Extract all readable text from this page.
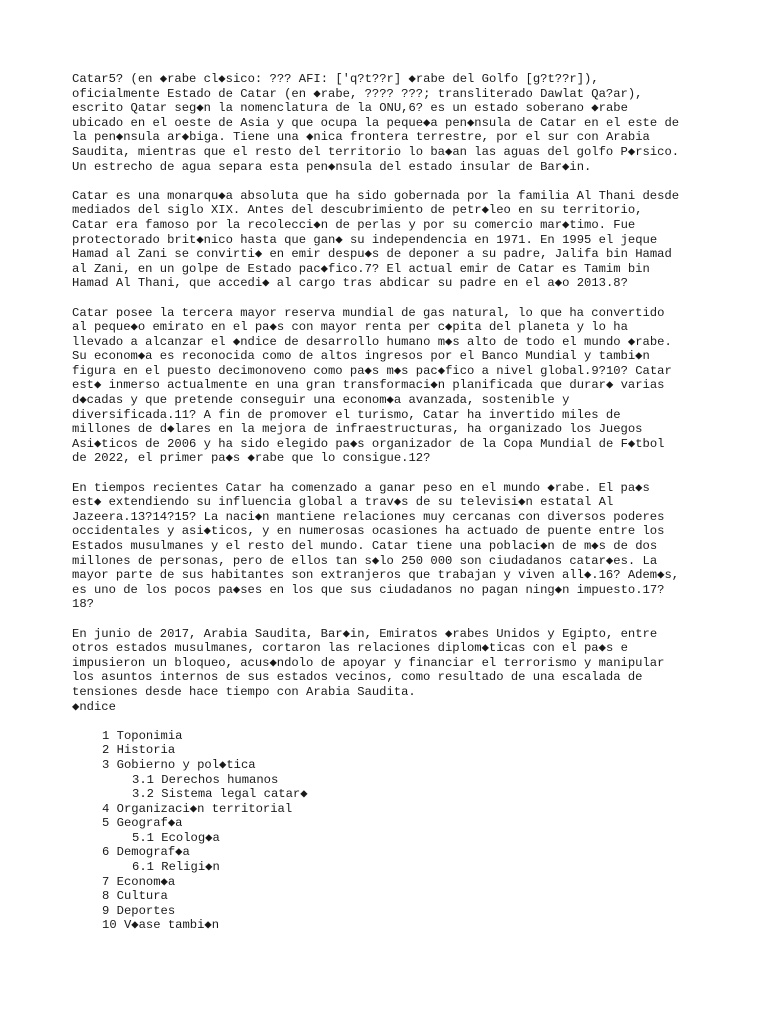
Catar5? (en ◆rabe cl◆sico: ??? AFI: ['q?t??r] ◆rabe del Golfo [g?t??r]),
oficialmente Estado de Catar (en ◆rabe, ???? ???; transliterado Dawlat Qa?ar),
escrito Qatar seg◆n la nomenclatura de la ONU,6? es un estado soberano ◆rabe
ubicado en el oeste de Asia y que ocupa la peque◆a pen◆nsula de Catar en el este de
la pen◆nsula ar◆biga. Tiene una ◆nica frontera terrestre, por el sur con Arabia
Saudita, mientras que el resto del territorio lo ba◆an las aguas del golfo P◆rsico.
Un estrecho de agua separa esta pen◆nsula del estado insular de Bar◆in.

Catar es una monarqu◆a absoluta que ha sido gobernada por la familia Al Thani desde
mediados del siglo XIX. Antes del descubrimiento de petr◆leo en su territorio,
Catar era famoso por la recolecci◆n de perlas y por su comercio mar◆timo. Fue
protectorado brit◆nico hasta que gan◆ su independencia en 1971. En 1995 el jeque
Hamad al Zani se convirti◆ en emir despu◆s de deponer a su padre, Jalifa bin Hamad
al Zani, en un golpe de Estado pac◆fico.7? El actual emir de Catar es Tamim bin
Hamad Al Thani, que accedi◆ al cargo tras abdicar su padre en el a◆o 2013.8?

Catar posee la tercera mayor reserva mundial de gas natural, lo que ha convertido
al peque◆o emirato en el pa◆s con mayor renta per c◆pita del planeta y lo ha
llevado a alcanzar el ◆ndice de desarrollo humano m◆s alto de todo el mundo ◆rabe.
Su econom◆a es reconocida como de altos ingresos por el Banco Mundial y tambi◆n
figura en el puesto decimonoveno como pa◆s m◆s pac◆fico a nivel global.9?10? Catar
est◆ inmerso actualmente en una gran transformaci◆n planificada que durar◆ varias
d◆cadas y que pretende conseguir una econom◆a avanzada, sostenible y
diversificada.11? A fin de promover el turismo, Catar ha invertido miles de
millones de d◆lares en la mejora de infraestructuras, ha organizado los Juegos
Asi◆ticos de 2006 y ha sido elegido pa◆s organizador de la Copa Mundial de F◆tbol
de 2022, el primer pa◆s ◆rabe que lo consigue.12?

En tiempos recientes Catar ha comenzado a ganar peso en el mundo ◆rabe. El pa◆s
est◆ extendiendo su influencia global a trav◆s de su televisi◆n estatal Al
Jazeera.13?14?15? La naci◆n mantiene relaciones muy cercanas con diversos poderes
occidentales y asi◆ticos, y en numerosas ocasiones ha actuado de puente entre los
Estados musulmanes y el resto del mundo. Catar tiene una poblaci◆n de m◆s de dos
millones de personas, pero de ellos tan s◆lo 250 000 son ciudadanos catar◆es. La
mayor parte de sus habitantes son extranjeros que trabajan y viven all◆.16? Adem◆s,
es uno de los pocos pa◆ses en los que sus ciudadanos no pagan ning◆n impuesto.17?
18?

En junio de 2017, Arabia Saudita, Bar◆in, Emiratos ◆rabes Unidos y Egipto, entre
otros estados musulmanes, cortaron las relaciones diplom◆ticas con el pa◆s e
impusieron un bloqueo, acus◆ndolo de apoyar y financiar el terrorismo y manipular
los asuntos internos de sus estados vecinos, como resultado de una escalada de
tensiones desde hace tiempo con Arabia Saudita.

◆ndice
1 Toponimia
2 Historia
3 Gobierno y pol◆tica
3.1 Derechos humanos
3.2 Sistema legal catar◆
4 Organizaci◆n territorial
5 Geograf◆a
5.1 Ecolog◆a
6 Demograf◆a
6.1 Religi◆n
7 Econom◆a
8 Cultura
9 Deportes
10 V◆ase tambi◆n
